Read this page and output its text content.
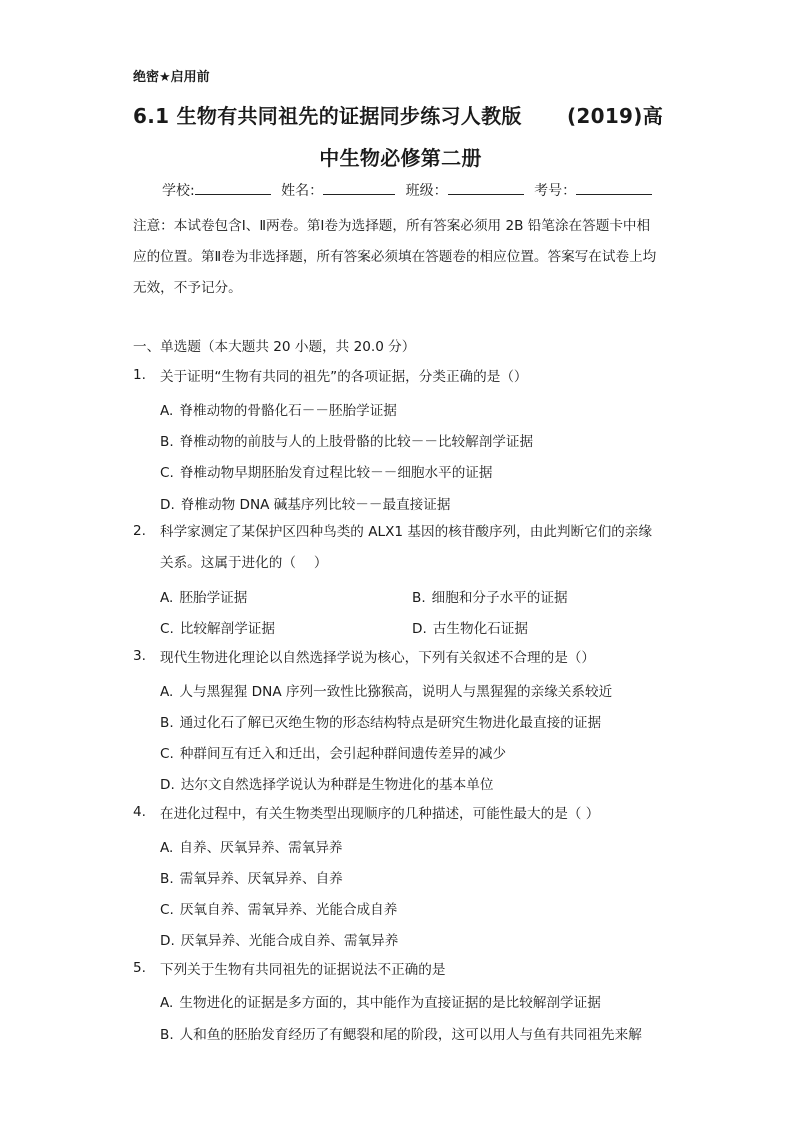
绝密★启用前
6.1 生物有共同祖先的证据同步练习人教版 (2019)高
中生物必修第二册
学校:	姓名：	班级：	考号：
注意：本试卷包含Ⅰ、Ⅱ两卷。第Ⅰ卷为选择题，所有答案必须用 2B 铅笔涂在答题卡中相应的位置。第Ⅱ卷为非选择题，所有答案必须填在答题卷的相应位置。答案写在试卷上均无效，不予记分。
一、单选题（本大题共 20 小题，共 20.0 分）
1. 关于证明“生物有共同的祖先”的各项证据，分类正确的是（）
A. 脊椎动物的骨骼化石－－胚胎学证据
B. 脊椎动物的前肢与人的上肢骨骼的比较－－比较解剖学证据
C. 脊椎动物早期胚胎发育过程比较－－细胞水平的证据
D. 脊椎动物 DNA 碱基序列比较－－最直接证据
2. 科学家测定了某保护区四种鸟类的 ALX1 基因的核苷酸序列，由此判断它们的亲缘关系。这属于进化的（　 ）
A. 胚胎学证据	B. 细胞和分子水平的证据
C. 比较解剖学证据	D. 古生物化石证据
3. 现代生物进化理论以自然选择学说为核心，下列有关叙述不合理的是（）
A. 人与黑猩猩 DNA 序列一致性比猕猴高，说明人与黑猩猩的亲缘关系较近
B. 通过化石了解已灭绝生物的形态结构特点是研究生物进化最直接的证据
C. 种群间互有迁入和迁出，会引起种群间遗传差异的减少
D. 达尔文自然选择学说认为种群是生物进化的基本单位
4. 在进化过程中，有关生物类型出现顺序的几种描述，可能性最大的是（ ）
A. 自养、厌氧异养、需氧异养
B. 需氧异养、厌氧异养、自养
C. 厌氧自养、需氧异养、光能合成自养
D. 厌氧异养、光能合成自养、需氧异养
5. 下列关于生物有共同祖先的证据说法不正确的是
A. 生物进化的证据是多方面的，其中能作为直接证据的是比较解剖学证据
B. 人和鱼的胚胎发育经历了有鳃裂和尾的阶段，这可以用人与鱼有共同祖先来解
